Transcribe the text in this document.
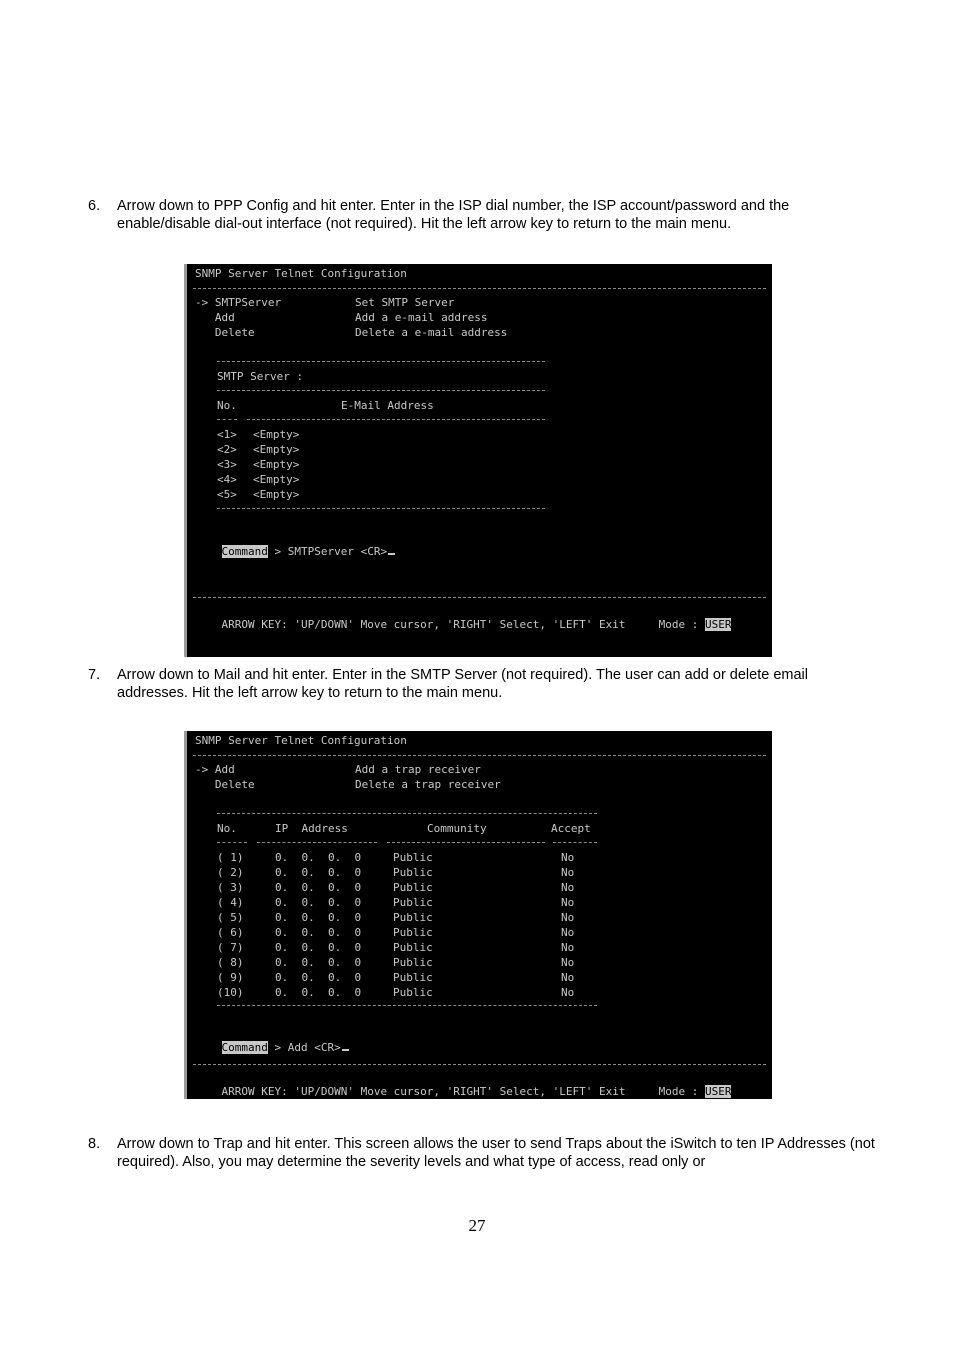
6. Arrow down to PPP Config and hit enter. Enter in the ISP dial number, the ISP account/password and the enable/disable dial-out interface (not required). Hit the left arrow key to return to the main menu.
SNMP Server Telnet Configuration
-> SMTPServer	Set SMTP Server
Add	Add a e-mail address
Delete	Delete a e-mail address
SMTP Server :
No.	E-Mail Address
<1> <Empty>
<2> <Empty>
<3> <Empty>
<4> <Empty>
<5> <Empty>

Command > SMTPServer <CR>

ARROW KEY: 'UP/DOWN' Move cursor, 'RIGHT' Select, 'LEFT' Exit     Mode : USER

7. Arrow down to Mail and hit enter. Enter in the SMTP Server (not required). The user can add or delete email addresses. Hit the left arrow key to return to the main menu.
SNMP Server Telnet Configuration
-> Add	Add a trap receiver
Delete	Delete a trap receiver
No.	IP  Address	Community	Accept
( 1)	0.  0.  0.  0	Public	No
( 2)	0.  0.  0.  0	Public	No
( 3)	0.  0.  0.  0	Public	No
( 4)	0.  0.  0.  0	Public	No
( 5)	0.  0.  0.  0	Public	No
( 6)	0.  0.  0.  0	Public	No
( 7)	0.  0.  0.  0	Public	No
( 8)	0.  0.  0.  0	Public	No
( 9)	0.  0.  0.  0	Public	No
(10)	0.  0.  0.  0	Public	No

Command > Add <CR>

ARROW KEY: 'UP/DOWN' Move cursor, 'RIGHT' Select, 'LEFT' Exit     Mode : USER

8. Arrow down to Trap and hit enter. This screen allows the user to send Traps about the iSwitch to ten IP Addresses (not required). Also, you may determine the severity levels and what type of access, read only or
27
